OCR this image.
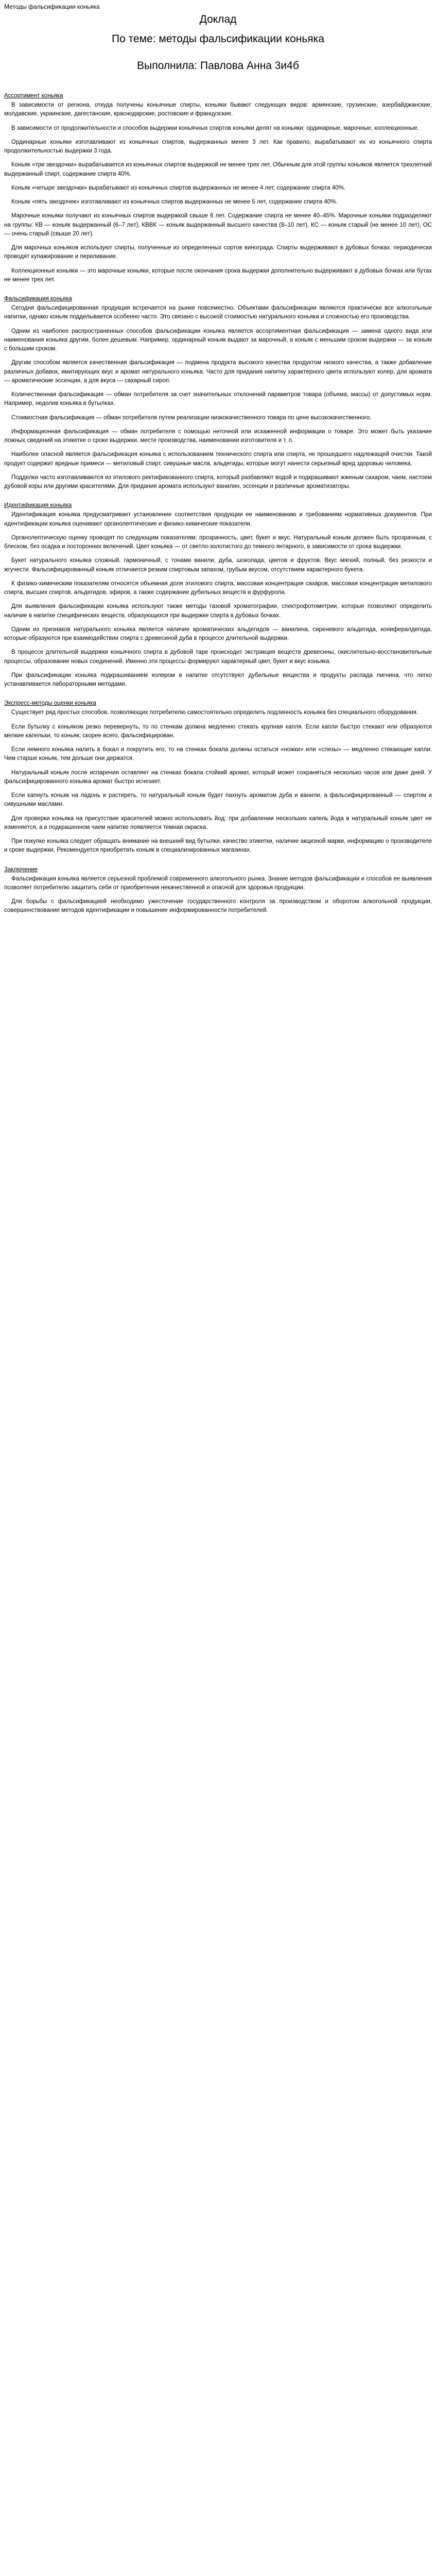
Методы фальсификации коньяка
Доклад
По теме: методы фальсификации коньяка
Выполнила: Павлова Анна 3и4б
Ассортимент коньяка

В зависимости от региона, откуда получены коньячные спирты, коньяки бывают следующих видов: армянские, грузинские, азербайджанские, молдавские, украинские, дагестанские, краснодарские, ростовские и французские.

В зависимости от продолжительности и способов выдержки коньячных спиртов коньяки делят на коньяки: ординарные, марочные, коллекционные.

Ординарные коньяки изготавливают из коньячных спиртов, выдержанных менее 3 лет. Как правило, вырабатывают их из коньячного спирта продолжительностью выдержки 3 года.

Коньяк «три звездочки» вырабатывается из коньячных спиртов выдержкой не менее трех лет. Обычным для этой группы коньяков является трехлетний выдержанный спирт, содержание спирта 40%.

Коньяк «четыре звездочки» вырабатывают из коньячных спиртов выдержанных не менее 4 лет, содержание спирта 40%.

Коньяк «пять звездочек» изготавливают из коньячных спиртов выдержанных не менее 5 лет, содержание спирта 40%.

Марочные коньяки получают из коньячных спиртов выдержкой свыше 6 лет. Содержание спирта не менее 40–45%. Марочные коньяки подразделяют на группы: КВ — коньяк выдержанный (6–7 лет), КВВК — коньяк выдержанный высшего качества (8–10 лет), КС — коньяк старый (не менее 10 лет), ОС — очень старый (свыше 20 лет).

Для марочных коньяков используют спирты, полученные из определенных сортов винограда. Спирты выдерживают в дубовых бочках, периодически проводят купажирование и переливание.

Коллекционные коньяки — это марочные коньяки, которые после окончания срока выдержки дополнительно выдерживают в дубовых бочках или бутах не менее трех лет.

Фальсификация коньяка

Сегодня фальсифицированная продукция встречается на рынке повсеместно. Объектами фальсификации являются практически все алкогольные напитки, однако коньяк подделывается особенно часто. Это связано с высокой стоимостью натурального коньяка и сложностью его производства.

Одним из наиболее распространенных способов фальсификации коньяка является ассортиментная фальсификация — замена одного вида или наименования коньяка другим, более дешевым. Например, ординарный коньяк выдают за марочный, а коньяк с меньшим сроком выдержки — за коньяк с большим сроком.

Другим способом является качественная фальсификация — подмена продукта высокого качества продуктом низкого качества, а также добавление различных добавок, имитирующих вкус и аромат натурального коньяка. Часто для придания напитку характерного цвета используют колер, для аромата — ароматические эссенции, а для вкуса — сахарный сироп.

Количественная фальсификация — обман потребителя за счет значительных отклонений параметров товара (объема, массы) от допустимых норм. Например, недолив коньяка в бутылках.

Стоимостная фальсификация — обман потребителя путем реализации низкокачественного товара по цене высококачественного.

Информационная фальсификация — обман потребителя с помощью неточной или искаженной информации о товаре. Это может быть указание ложных сведений на этикетке о сроке выдержки, месте производства, наименовании изготовителя и т. п.

Наиболее опасной является фальсификация коньяка с использованием технического спирта или спирта, не прошедшего надлежащей очистки. Такой продукт содержит вредные примеси — метиловый спирт, сивушные масла, альдегиды, которые могут нанести серьезный вред здоровью человека.

Подделки часто изготавливаются из этилового ректификованного спирта, который разбавляют водой и подкрашивают жженым сахаром, чаем, настоем дубовой коры или другими красителями. Для придания аромата используют ванилин, эссенции и различные ароматизаторы.

Идентификация коньяка

Идентификация коньяка предусматривает установление соответствия продукции ее наименованию и требованиям нормативных документов. При идентификации коньяка оценивают органолептические и физико-химические показатели.

Органолептическую оценку проводят по следующим показателям: прозрачность, цвет, букет и вкус. Натуральный коньяк должен быть прозрачным, с блеском, без осадка и посторонних включений. Цвет коньяка — от светло-золотистого до темного янтарного, в зависимости от срока выдержки.

Букет натурального коньяка сложный, гармоничный, с тонами ванили, дуба, шоколада, цветов и фруктов. Вкус мягкий, полный, без резкости и жгучести. Фальсифицированный коньяк отличается резким спиртовым запахом, грубым вкусом, отсутствием характерного букета.

К физико-химическим показателям относятся объемная доля этилового спирта, массовая концентрация сахаров, массовая концентрация метилового спирта, высших спиртов, альдегидов, эфиров, а также содержание дубильных веществ и фурфурола.

Для выявления фальсификации коньяка используют также методы газовой хроматографии, спектрофотометрии, которые позволяют определить наличие в напитке специфических веществ, образующихся при выдержке спирта в дубовых бочках.

Одним из признаков натурального коньяка является наличие ароматических альдегидов — ванилина, сиреневого альдегида, конифералдегида, которые образуются при взаимодействии спирта с древесиной дуба в процессе длительной выдержки.

В процессе длительной выдержки коньячного спирта в дубовой таре происходит экстракция веществ древесины, окислительно-восстановительные процессы, образование новых соединений. Именно эти процессы формируют характерный цвет, букет и вкус коньяка.

При фальсификации коньяка подкрашиванием колером в напитке отсутствуют дубильные вещества и продукты распада лигнина, что легко устанавливается лабораторными методами.

Экспресс-методы оценки коньяка

Существует ряд простых способов, позволяющих потребителю самостоятельно определить подлинность коньяка без специального оборудования.

Если бутылку с коньяком резко перевернуть, то по стенкам должна медленно стекать крупная капля. Если капли быстро стекают или образуются мелкие капельки, то коньяк, скорее всего, фальсифицирован.

Если немного коньяка налить в бокал и покрутить его, то на стенках бокала должны остаться «ножки» или «слезы» — медленно стекающие капли. Чем старше коньяк, тем дольше они держатся.

Натуральный коньяк после испарения оставляет на стенках бокала стойкий аромат, который может сохраняться несколько часов или даже дней. У фальсифицированного коньяка аромат быстро исчезает.

Если капнуть коньяк на ладонь и растереть, то натуральный коньяк будет пахнуть ароматом дуба и ванили, а фальсифицированный — спиртом и сивушными маслами.

Для проверки коньяка на присутствие красителей можно использовать йод: при добавлении нескольких капель йода в натуральный коньяк цвет не изменяется, а в подкрашенном чаем напитке появляется темная окраска.

При покупке коньяка следует обращать внимание на внешний вид бутылки, качество этикетки, наличие акцизной марки, информацию о производителе и сроке выдержки. Рекомендуется приобретать коньяк в специализированных магазинах.

Заключение

Фальсификация коньяка является серьезной проблемой современного алкогольного рынка. Знание методов фальсификации и способов ее выявления позволяет потребителю защитить себя от приобретения некачественной и опасной для здоровья продукции.

Для борьбы с фальсификацией необходимо ужесточение государственного контроля за производством и оборотом алкогольной продукции, совершенствование методов идентификации и повышение информированности потребителей.
